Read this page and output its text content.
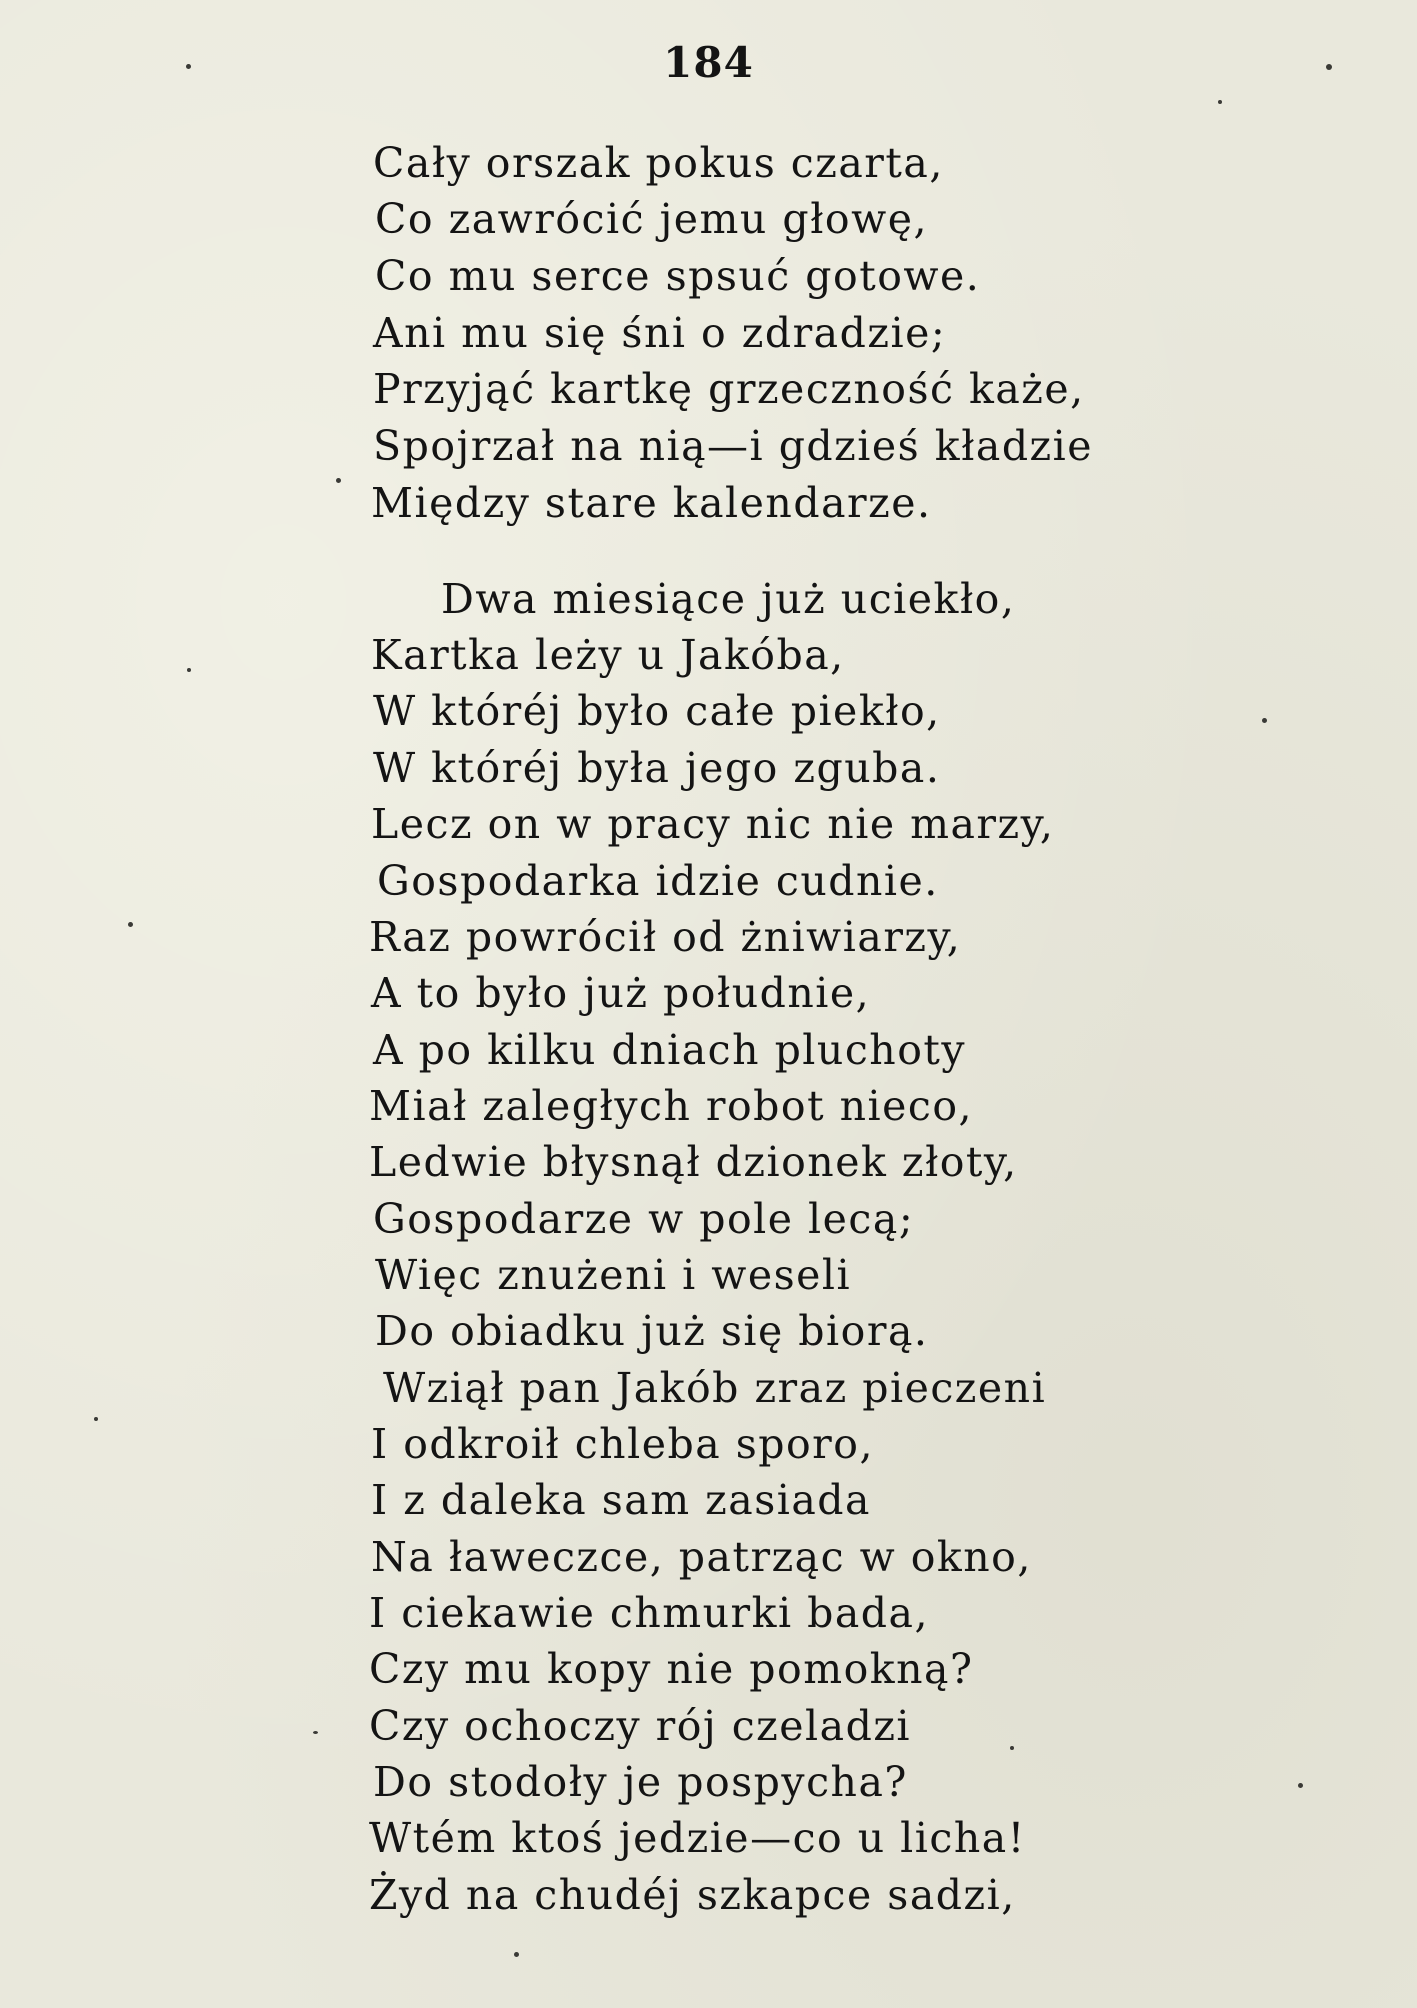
184
Cały orszak pokus czarta,
Co zawrócić jemu głowę,
Co mu serce spsuć gotowe.
Ani mu się śni o zdradzie;
Przyjąć kartkę grzeczność każe,
Spojrzał na nią—i gdzieś kładzie
Między stare kalendarze.
Dwa miesiące już uciekło,
Kartka leży u Jakóba,
W któréj było całe piekło,
W któréj była jego zguba.
Lecz on w pracy nic nie marzy,
Gospodarka idzie cudnie.
Raz powrócił od żniwiarzy,
A to było już południe,
A po kilku dniach pluchoty
Miał zaległych robot nieco,
Ledwie błysnął dzionek złoty,
Gospodarze w pole lecą;
Więc znużeni i weseli
Do obiadku już się biorą.
Wziął pan Jakób zraz pieczeni
I odkroił chleba sporo,
I z daleka sam zasiada
Na ławeczce, patrząc w okno,
I ciekawie chmurki bada,
Czy mu kopy nie pomokną?
Czy ochoczy rój czeladzi
Do stodoły je pospycha?
Wtém ktoś jedzie—co u licha!
Żyd na chudéj szkapce sadzi,
